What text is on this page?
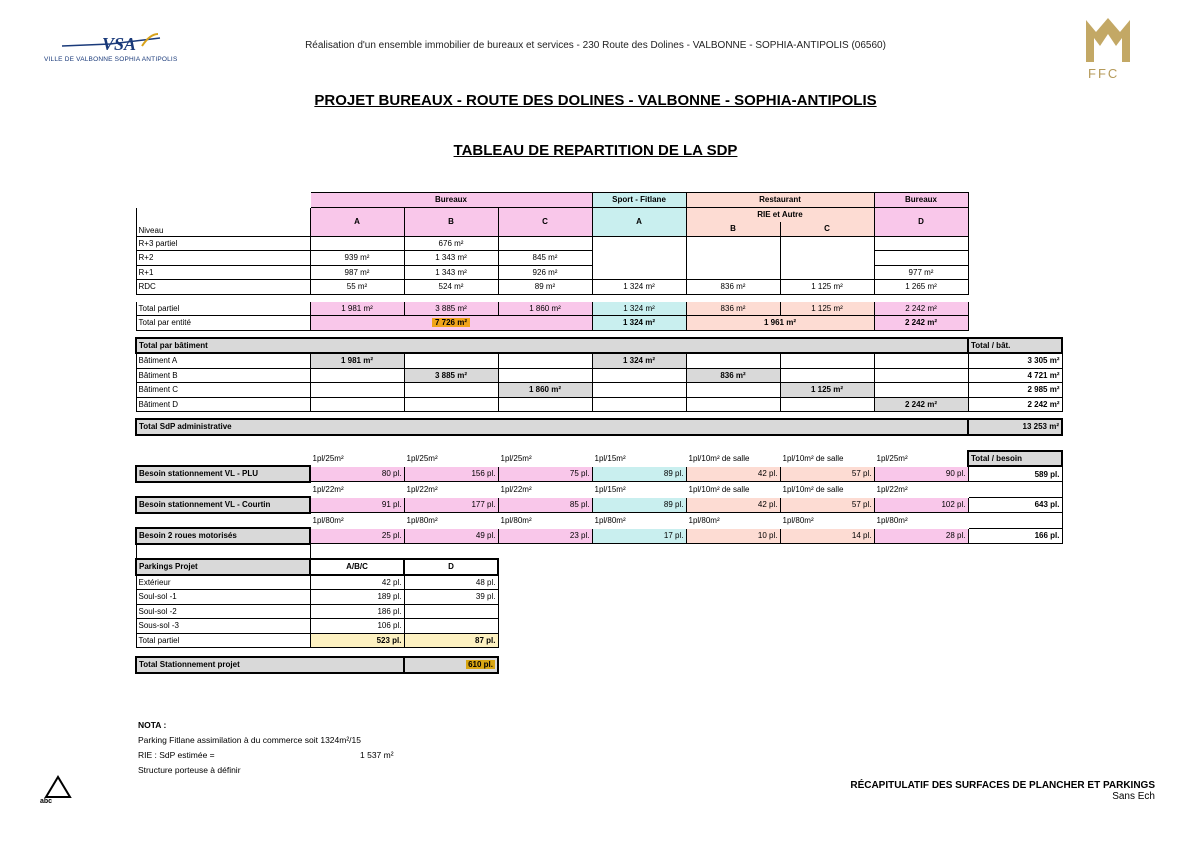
VSA
VILLE DE VALBONNE SOPHIA ANTIPOLIS
Réalisation d'un ensemble immobilier de bureaux et services - 230 Route des Dolines - VALBONNE - SOPHIA-ANTIPOLIS (06560)
FFC
PROJET BUREAUX - ROUTE DES DOLINES - VALBONNE - SOPHIA-ANTIPOLIS
TABLEAU DE REPARTITION DE LA SDP
	Bureaux			Sport - Fitlane	Restaurant		Bureaux	
Niveau	A	B	C	A	RIE et Autre		D	
					B	C		
R+3 partiel		676 m²						
R+2	939 m²	1 343 m²	845 m²					
R+1	987 m²	1 343 m²	926 m²				977 m²	
RDC	55 m²	524 m²	89 m²	1 324 m²	836 m²	1 125 m²	1 265 m²	

Total partiel	1 981 m²	3 885 m²	1 860 m²	1 324 m²	836 m²	1 125 m²	2 242 m²	
Total par entité	7 726 m²			1 324 m²	1 961 m²		2 242 m²	

Total par bâtiment								Total / bât.
Bâtiment A	1 981 m²			1 324 m²				3 305 m²
Bâtiment B		3 885 m²			836 m²			4 721 m²
Bâtiment C			1 860 m²			1 125 m²		2 985 m²
Bâtiment D							2 242 m²	2 242 m²

Total SdP administrative								13 253 m²

	1pl/25m²	1pl/25m²	1pl/25m²	1pl/15m²	1pl/10m² de salle	1pl/10m² de salle	1pl/25m²	Total / besoin
Besoin stationnement VL - PLU	80 pl.	156 pl.	75 pl.	89 pl.	42 pl.	57 pl.	90 pl.	589 pl.
	1pl/22m²	1pl/22m²	1pl/22m²	1pl/15m²	1pl/10m² de salle	1pl/10m² de salle	1pl/22m²	
Besoin stationnement VL - Courtin	91 pl.	177 pl.	85 pl.	89 pl.	42 pl.	57 pl.	102 pl.	643 pl.
	1pl/80m²	1pl/80m²	1pl/80m²	1pl/80m²	1pl/80m²	1pl/80m²	1pl/80m²	
Besoin 2 roues motorisés	25 pl.	49 pl.	23 pl.	17 pl.	10 pl.	14 pl.	28 pl.	166 pl.

Parkings Projet	A/B/C	D						
Extérieur	42 pl.	48 pl.						
Soul-sol -1	189 pl.	39 pl.						
Soul-sol -2	186 pl.							
Sous-sol -3	106 pl.							
Total partiel	523 pl.	87 pl.						

Total Stationnement projet		610 pl.						
NOTA :
Parking Fitlane assimilation à du commerce soit 1324m²/15
RIE : SdP estimée =	1 537 m²
Structure porteuse à définir
abc
RÉCAPITULATIF DES SURFACES DE PLANCHER ET PARKINGS
Sans Ech
